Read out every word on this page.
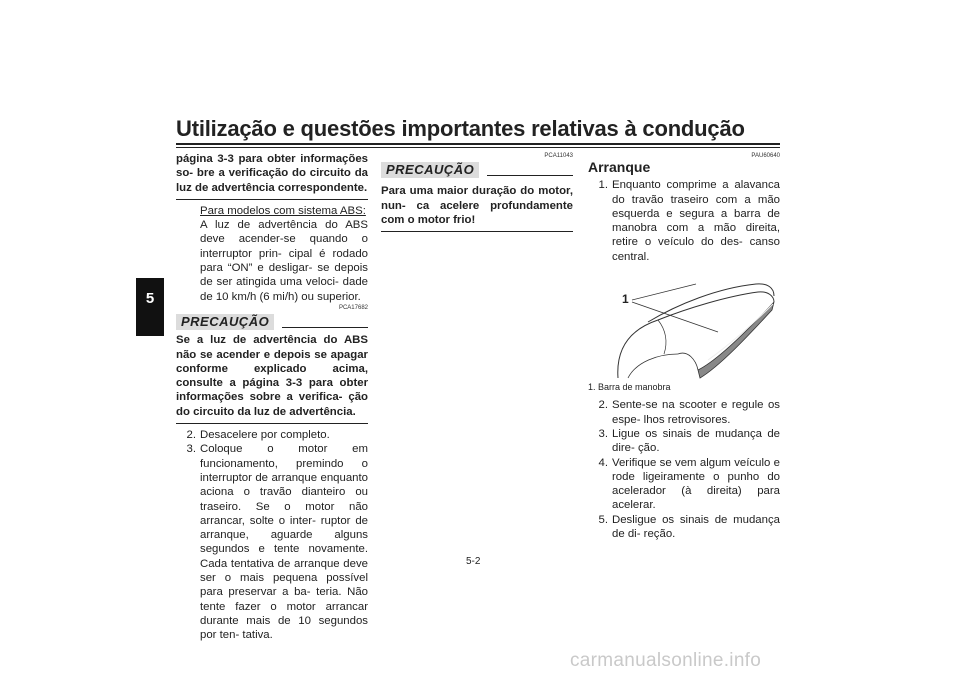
Utilização e questões importantes relativas à condução
5
página 3-3 para obter informações so- bre a verificação do circuito da luz de advertência correspondente.
Para modelos com sistema ABS:
A luz de advertência do ABS deve acender-se quando o interruptor prin- cipal é rodado para “ON” e desligar- se depois de ser atingida uma veloci- dade de 10 km/h (6 mi/h) ou superior.
PCA17682
PRECAUÇÃO
Se a luz de advertência do ABS não se acender e depois se apagar conforme explicado acima, consulte a página 3-3 para obter informações sobre a verifica- ção do circuito da luz de advertência.
2. Desacelere por completo.
3. Coloque o motor em funcionamento, premindo o interruptor de arranque enquanto aciona o travão dianteiro ou traseiro. Se o motor não arrancar, solte o inter- ruptor de arranque, aguarde alguns segundos e tente novamente. Cada tentativa de arranque deve ser o mais pequena possível para preservar a ba- teria. Não tente fazer o motor arrancar durante mais de 10 segundos por ten- tativa.
PCA11043
PRECAUÇÃO
Para uma maior duração do motor, nun- ca acelere profundamente com o motor frio!
PAU60640
Arranque
1. Enquanto comprime a alavanca do travão traseiro com a mão esquerda e segura a barra de manobra com a mão direita, retire o veículo do des- canso central.
1
1. Barra de manobra
2. Sente-se na scooter e regule os espe- lhos retrovisores.
3. Ligue os sinais de mudança de dire- ção.
4. Verifique se vem algum veículo e rode ligeiramente o punho do acelerador (à direita) para acelerar.
5. Desligue os sinais de mudança de di- reção.
5-2
carmanualsonline.info
